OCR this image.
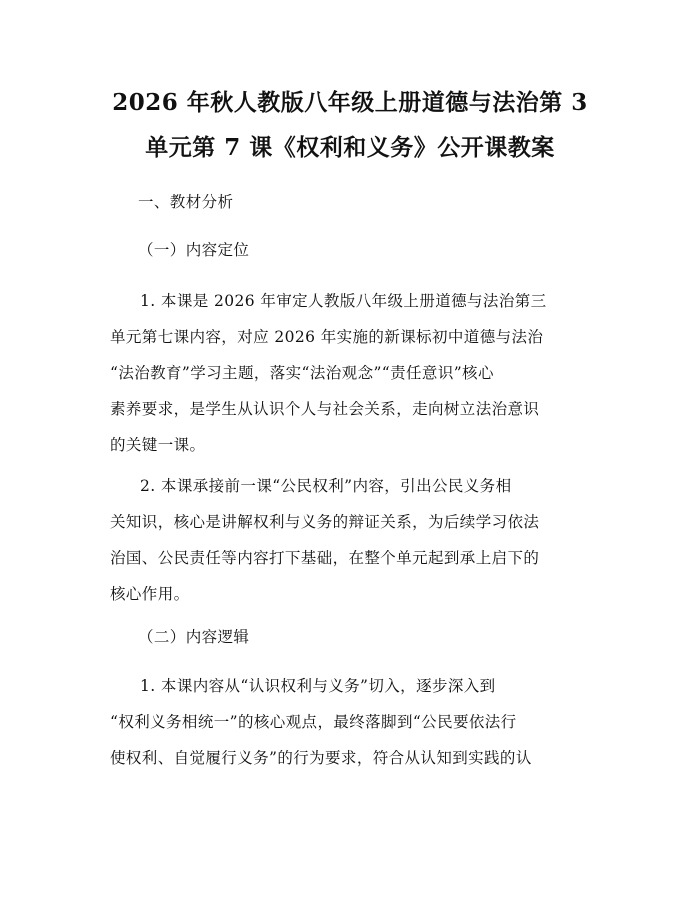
2026 年秋人教版八年级上册道德与法治第 3
单元第 7 课《权利和义务》公开课教案

一、教材分析

（一）内容定位

1. 本课是 2026 年审定人教版八年级上册道德与法治第三
单元第七课内容，对应 2026 年实施的新课标初中道德与法治
“法治教育”学习主题，落实“法治观念”“责任意识”核心
素养要求，是学生从认识个人与社会关系，走向树立法治意识
的关键一课。
2. 本课承接前一课“公民权利”内容，引出公民义务相
关知识，核心是讲解权利与义务的辩证关系，为后续学习依法
治国、公民责任等内容打下基础，在整个单元起到承上启下的
核心作用。

（二）内容逻辑

1. 本课内容从“认识权利与义务”切入，逐步深入到
“权利义务相统一”的核心观点，最终落脚到“公民要依法行
使权利、自觉履行义务”的行为要求，符合从认知到实践的认
